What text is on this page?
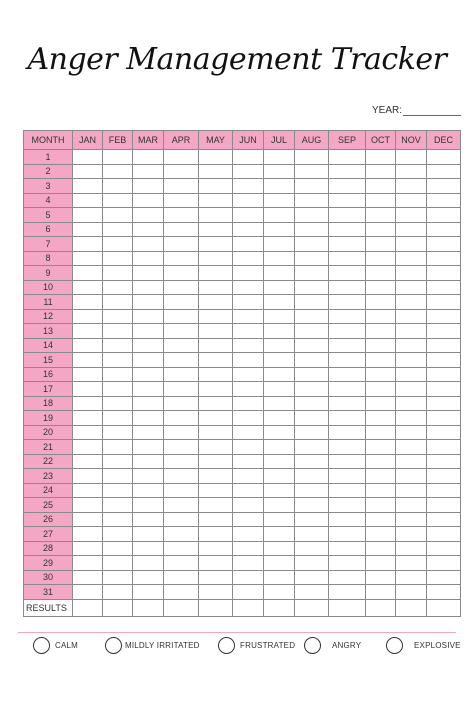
Anger Management Tracker
YEAR:
MONTH	JAN	FEB	MAR	APR	MAY	JUN	JUL	AUG	SEP	OCT	NOV	DEC
1												
2												
3												
4												
5												
6												
7												
8												
9												
10												
11												
12												
13												
14												
15												
16												
17												
18												
19												
20												
21												
22												
23												
24												
25												
26												
27												
28												
29												
30												
31												
RESULTS												
CALM	MILDLY IRRITATED	FRUSTRATED	ANGRY	EXPLOSIVE
